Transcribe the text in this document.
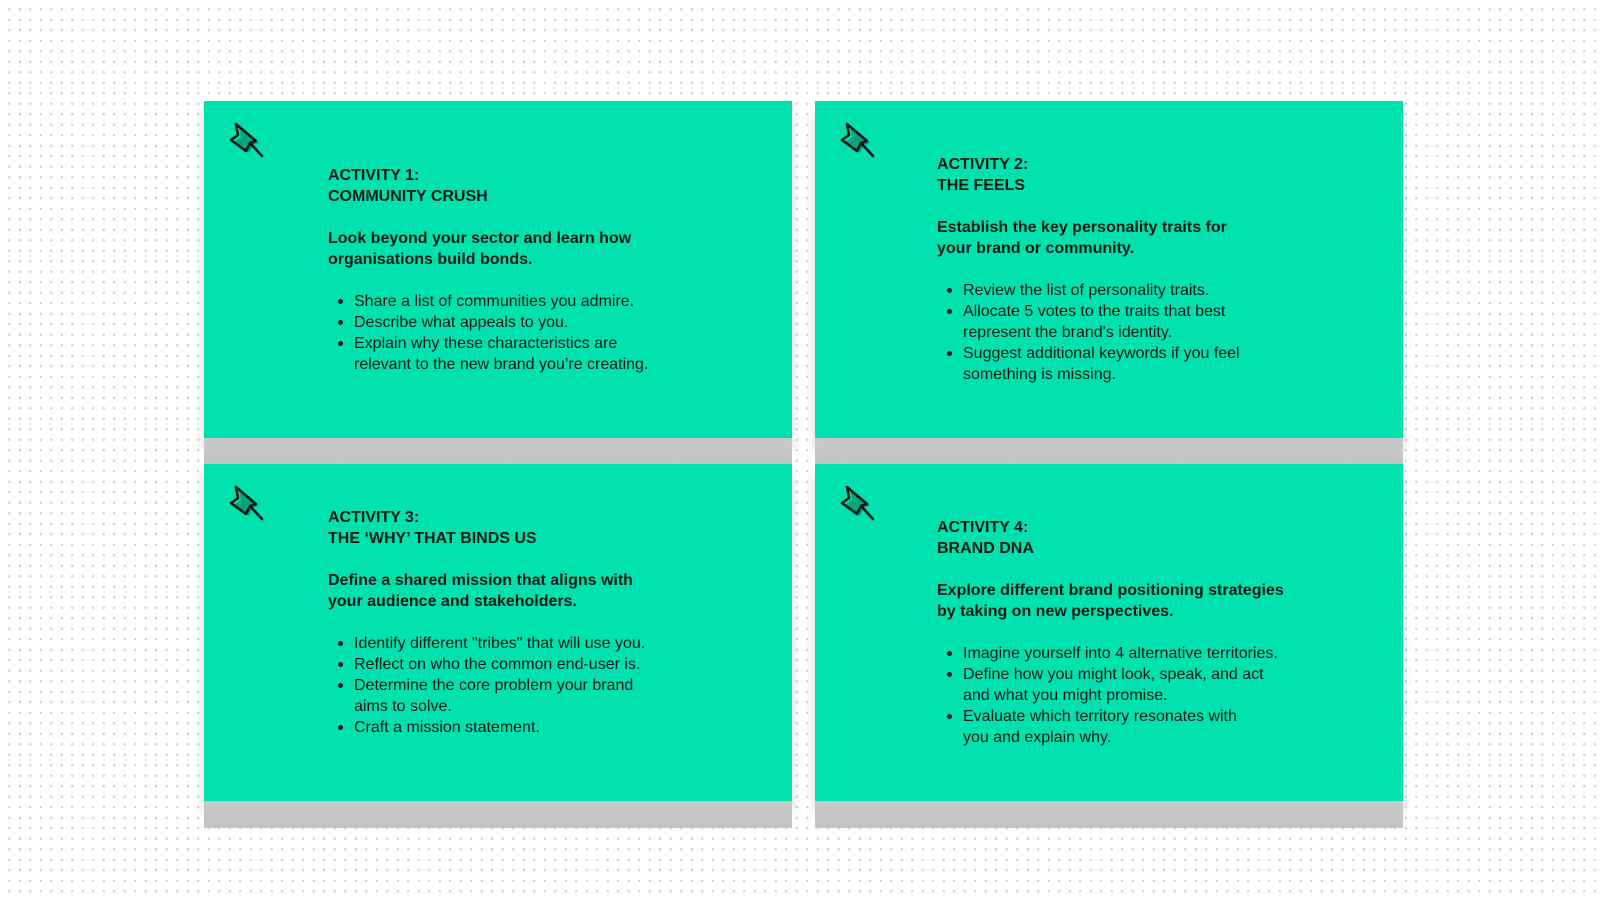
ACTIVITY 1:
COMMUNITY CRUSH

Look beyond your sector and learn how
organisations build bonds.

Share a list of communities you admire.
Describe what appeals to you.
Explain why these characteristics are
relevant to the new brand you’re creating.

ACTIVITY 2:
THE FEELS

Establish the key personality traits for
your brand or community.

Review the list of personality traits.
Allocate 5 votes to the traits that best
represent the brand's identity.
Suggest additional keywords if you feel
something is missing.

ACTIVITY 3:
THE ‘WHY’ THAT BINDS US

Define a shared mission that aligns with
your audience and stakeholders.

Identify different "tribes" that will use you.
Reflect on who the common end-user is.
Determine the core problem your brand
aims to solve.
Craft a mission statement.

ACTIVITY 4:
BRAND DNA

Explore different brand positioning strategies
by taking on new perspectives.

Imagine yourself into 4 alternative territories.
Define how you might look, speak, and act
and what you might promise.
Evaluate which territory resonates with
you and explain why.
